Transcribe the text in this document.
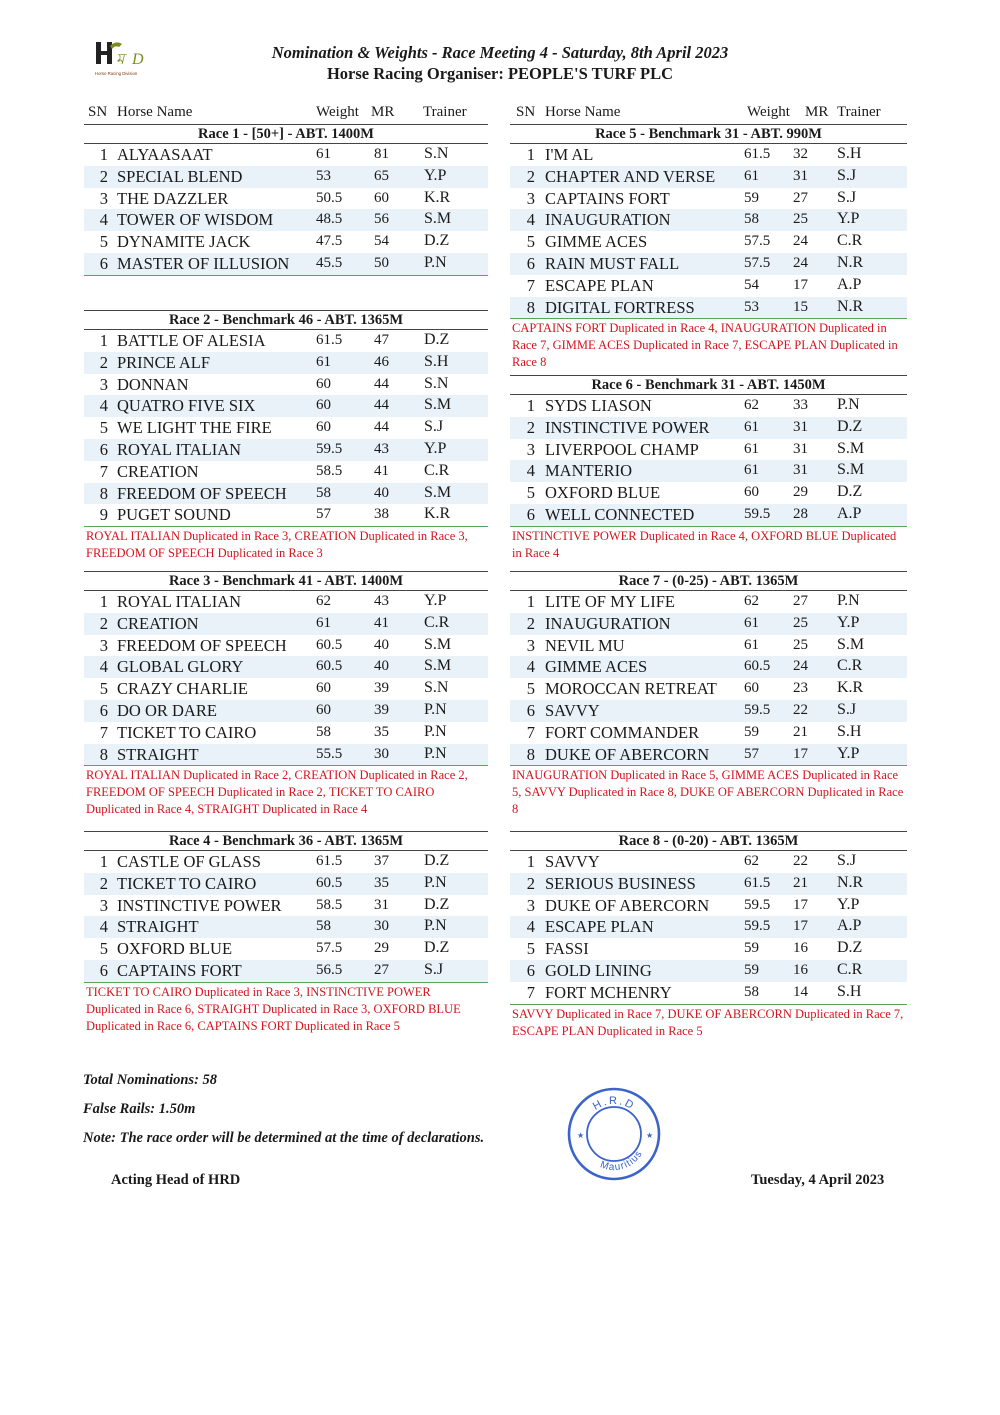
ম D
Horse Racing Division
Nomination & Weights - Race Meeting 4 - Saturday, 8th April 2023
Horse Racing Organiser: PEOPLE'S TURF PLC
SN Horse Name	Weight MR Trainer	SN Horse Name	Weight MR Trainer
Race 1 - [50+] - ABT. 1400M
1 ALYAASAAT	61	81 S.N
2 SPECIAL BLEND	53	65 Y.P
3 THE DAZZLER	50.5 60 K.R
4 TOWER OF WISDOM	48.5 56 S.M
5 DYNAMITE JACK	47.5 54 D.Z
6 MASTER OF ILLUSION 45.5 50 P.N
Race 2 - Benchmark 46 - ABT. 1365M
1 BATTLE OF ALESIA	61.5 47 D.Z
2 PRINCE ALF	61	46 S.H
3 DONNAN	60	44 S.N
4 QUATRO FIVE SIX	60	44 S.M
5 WE LIGHT THE FIRE	60	44 S.J
6 ROYAL ITALIAN	59.5 43 Y.P
7 CREATION	58.5 41 C.R
8 FREEDOM OF SPEECH 58	40 S.M
9 PUGET SOUND	57	38 K.R
ROYAL ITALIAN Duplicated in Race 3, CREATION Duplicated in Race 3, FREEDOM OF SPEECH Duplicated in Race 3
Race 3 - Benchmark 41 - ABT. 1400M
1 ROYAL ITALIAN	62	43 Y.P
2 CREATION	61	41 C.R
3 FREEDOM OF SPEECH 60.5 40 S.M
4 GLOBAL GLORY	60.5 40 S.M
5 CRAZY CHARLIE	60	39 S.N
6 DO OR DARE	60	39 P.N
7 TICKET TO CAIRO	58	35 P.N
8 STRAIGHT	55.5 30 P.N
ROYAL ITALIAN Duplicated in Race 2, CREATION Duplicated in Race 2, FREEDOM OF SPEECH Duplicated in Race 2, TICKET TO CAIRO Duplicated in Race 4, STRAIGHT Duplicated in Race 4
Race 4 - Benchmark 36 - ABT. 1365M
1 CASTLE OF GLASS	61.5 37 D.Z
2 TICKET TO CAIRO	60.5 35 P.N
3 INSTINCTIVE POWER 58.5 31 D.Z
4 STRAIGHT	58	30 P.N
5 OXFORD BLUE	57.5 29 D.Z
6 CAPTAINS FORT	56.5 27 S.J
TICKET TO CAIRO Duplicated in Race 3, INSTINCTIVE POWER Duplicated in Race 6, STRAIGHT Duplicated in Race 3, OXFORD BLUE Duplicated in Race 6, CAPTAINS FORT Duplicated in Race 5
Race 5 - Benchmark 31 - ABT. 990M
1 I'M AL	61.5 32 S.H
2 CHAPTER AND VERSE 61 31 S.J
3 CAPTAINS FORT	59 27 S.J
4 INAUGURATION	58 25 Y.P
5 GIMME ACES	57.5 24 C.R
6 RAIN MUST FALL	57.5 24 N.R
7 ESCAPE PLAN	54 17 A.P
8 DIGITAL FORTRESS	53 15 N.R
CAPTAINS FORT Duplicated in Race 4, INAUGURATION Duplicated in Race 7, GIMME ACES Duplicated in Race 7, ESCAPE PLAN Duplicated in Race 8
Race 6 - Benchmark 31 - ABT. 1450M
1 SYDS LIASON	62 33 P.N
2 INSTINCTIVE POWER 61 31 D.Z
3 LIVERPOOL CHAMP	61 31 S.M
4 MANTERIO	61 31 S.M
5 OXFORD BLUE	60 29 D.Z
6 WELL CONNECTED	59.5 28 A.P
INSTINCTIVE POWER Duplicated in Race 4, OXFORD BLUE Duplicated in Race 4
Race 7 - (0-25) - ABT. 1365M
1 LITE OF MY LIFE	62 27 P.N
2 INAUGURATION	61 25 Y.P
3 NEVIL MU	61 25 S.M
4 GIMME ACES	60.5 24 C.R
5 MOROCCAN RETREAT 60 23 K.R
6 SAVVY	59.5 22 S.J
7 FORT COMMANDER	59 21 S.H
8 DUKE OF ABERCORN 57 17 Y.P
INAUGURATION Duplicated in Race 5, GIMME ACES Duplicated in Race 5, SAVVY Duplicated in Race 8, DUKE OF ABERCORN Duplicated in Race 8
Race 8 - (0-20) - ABT. 1365M
1 SAVVY	62 22 S.J
2 SERIOUS BUSINESS	61.5 21 N.R
3 DUKE OF ABERCORN 59.5 17 Y.P
4 ESCAPE PLAN	59.5 17 A.P
5 FASSI	59 16 D.Z
6 GOLD LINING	59 16 C.R
7 FORT MCHENRY	58 14 S.H
SAVVY Duplicated in Race 7, DUKE OF ABERCORN Duplicated in Race 7, ESCAPE PLAN Duplicated in Race 5
Total Nominations: 58
False Rails: 1.50m
Note: The race order will be determined at the time of declarations.
Acting Head of HRD	Tuesday, 4 April 2023
H.R.D
Mauritius
★	★
